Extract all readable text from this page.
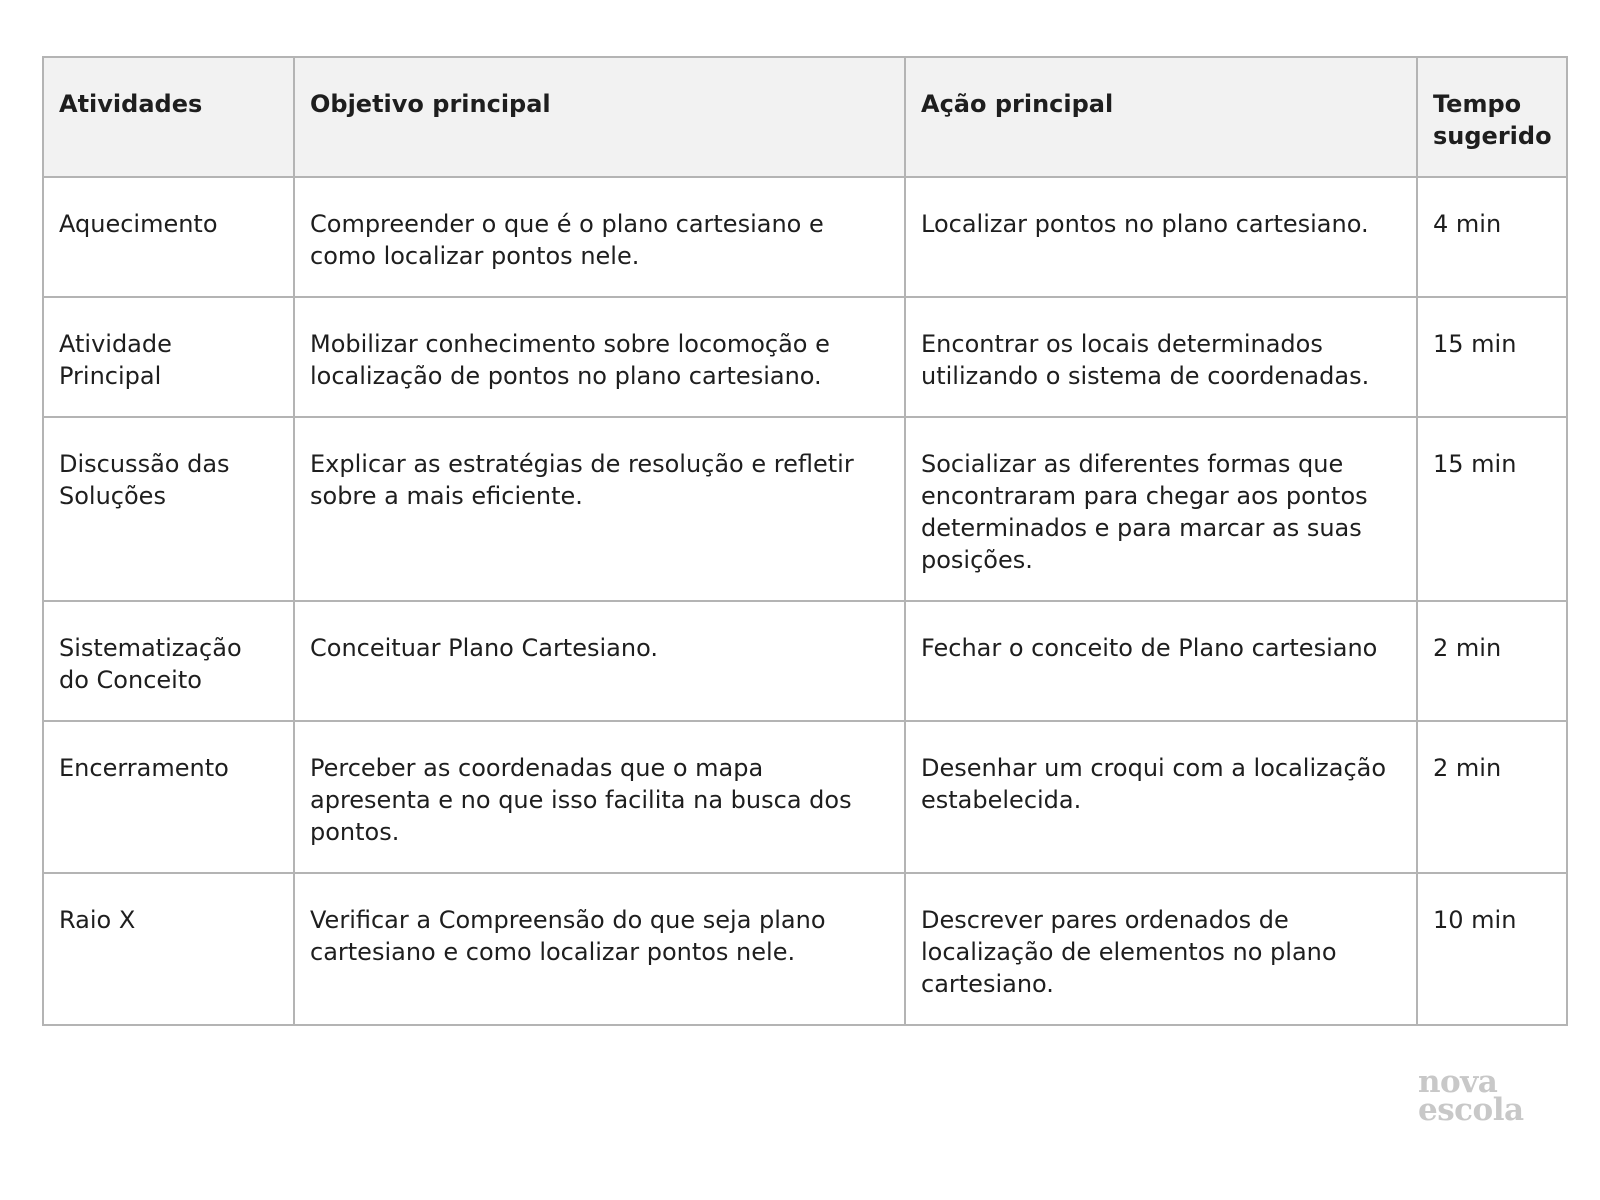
Atividades	Objetivo principal	Ação principal	Tempo sugerido
Aquecimento	Compreender o que é o plano cartesiano e como localizar pontos nele.	Localizar pontos no plano cartesiano.	4 min
Atividade Principal	Mobilizar conhecimento sobre locomoção e localização de pontos no plano cartesiano.	Encontrar os locais determinados utilizando o sistema de coordenadas.	15 min
Discussão das Soluções	Explicar as estratégias de resolução e refletir sobre a mais eficiente.	Socializar as diferentes formas que encontraram para chegar aos pontos determinados e para marcar as suas posições.	15 min
Sistematização do Conceito	Conceituar Plano Cartesiano.	Fechar o conceito de Plano cartesiano	2 min
Encerramento	Perceber as coordenadas que o mapa apresenta e no que isso facilita na busca dos pontos.	Desenhar um croqui com a localização estabelecida.	2 min
Raio X	Verificar a Compreensão do que seja plano cartesiano e como localizar pontos nele.	Descrever pares ordenados de localização de elementos no plano cartesiano.	10 min
nova
escola
